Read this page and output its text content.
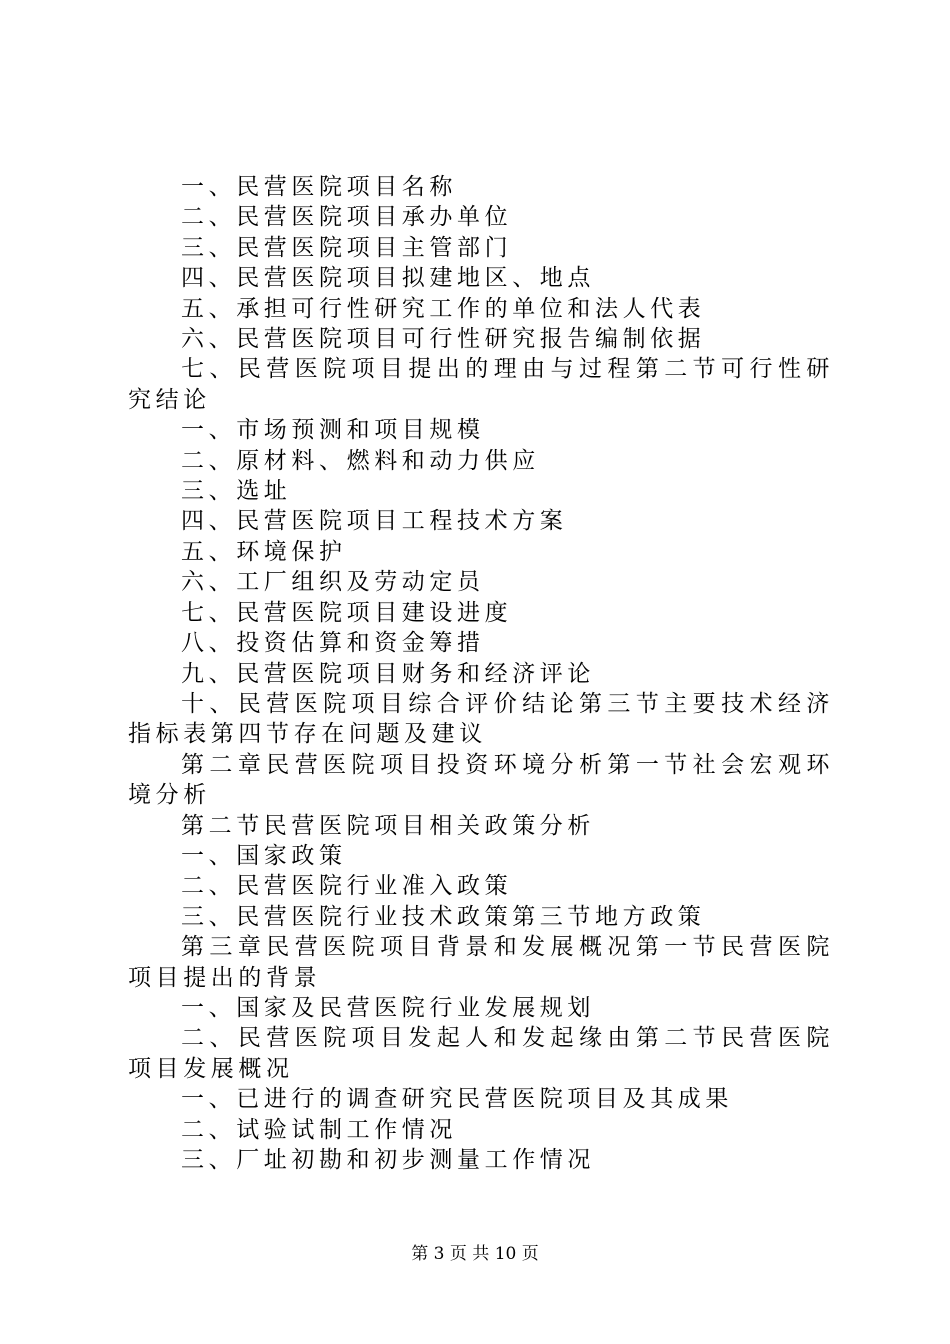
一、民营医院项目名称

二、民营医院项目承办单位

三、民营医院项目主管部门

四、民营医院项目拟建地区、地点

五、承担可行性研究工作的单位和法人代表

六、民营医院项目可行性研究报告编制依据

七、民营医院项目提出的理由与过程第二节可行性研究结论

一、市场预测和项目规模

二、原材料、燃料和动力供应

三、选址

四、民营医院项目工程技术方案

五、环境保护

六、工厂组织及劳动定员

七、民营医院项目建设进度

八、投资估算和资金筹措

九、民营医院项目财务和经济评论

十、民营医院项目综合评价结论第三节主要技术经济指标表第四节存在问题及建议

第二章民营医院项目投资环境分析第一节社会宏观环境分析

第二节民营医院项目相关政策分析

一、国家政策

二、民营医院行业准入政策

三、民营医院行业技术政策第三节地方政策

第三章民营医院项目背景和发展概况第一节民营医院项目提出的背景

一、国家及民营医院行业发展规划

二、民营医院项目发起人和发起缘由第二节民营医院项目发展概况

一、已进行的调查研究民营医院项目及其成果

二、试验试制工作情况

三、厂址初勘和初步测量工作情况

第 3 页 共 10 页
